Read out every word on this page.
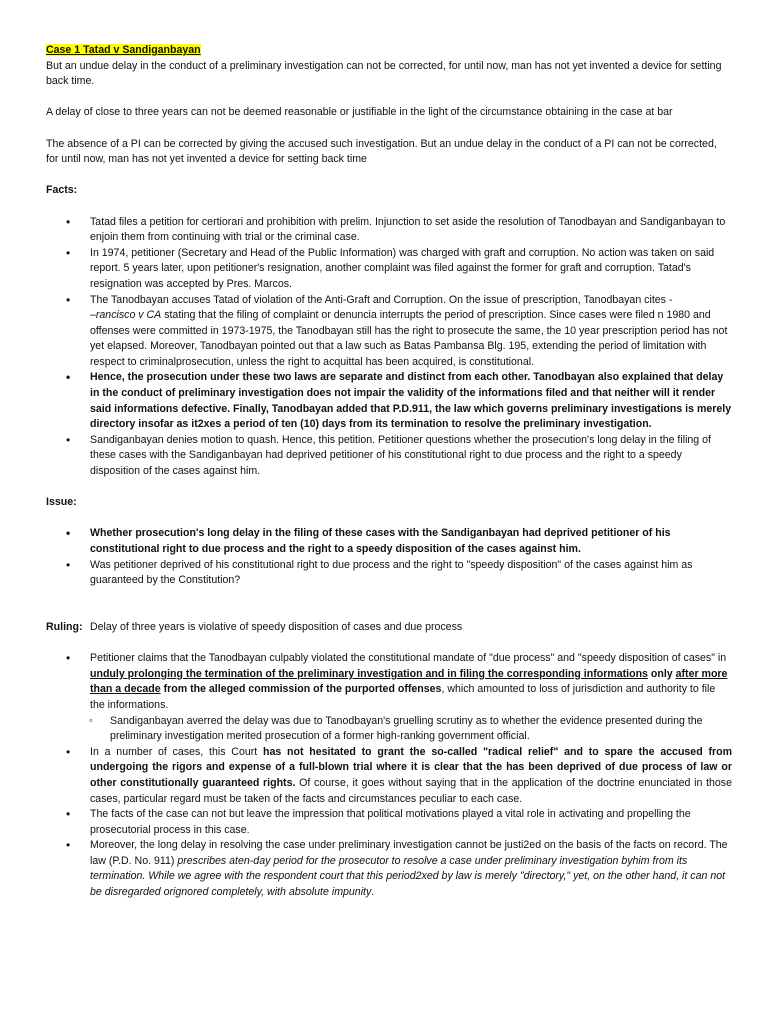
Case 1 Tatad v Sandiganbayan

But an undue delay in the conduct of a preliminary investigation can not be corrected, for until now, man has not yet invented a device for setting back time.

A delay of close to three years can not be deemed reasonable or justifiable in the light of the circumstance obtaining in the case at bar

The absence of a PI can be corrected by giving the accused such investigation. But an undue delay in the conduct of a PI can not be corrected, for until now, man has not yet invented a device for setting back time

Facts:

• Tatad files a petition for certiorari and prohibition with prelim. Injunction to set aside the resolution of Tanodbayan and Sandiganbayan to enjoin them from continuing with trial or the criminal case.
• In 1974, petitioner (Secretary and Head of the Public Information) was charged with graft and corruption. No action was taken on said report. 5 years later, upon petitioner's resignation, another complaint was filed against the former for graft and corruption. Tatad's resignation was accepted by Pres. Marcos.
• The Tanodbayan accuses Tatad of violation of the Anti-Graft and Corruption. On the issue of prescription, Tanodbayan cites -
–rancisco v CA stating that the filing of complaint or denuncia interrupts the period of prescription. Since cases were filed n 1980 and offenses were committed in 1973-1975, the Tanodbayan still has the right to prosecute the same, the 10 year prescription period has not yet elapsed. Moreover, Tanodbayan pointed out that a law such as Batas Pambansa Blg. 195, extending the period of limitation with respect to criminalprosecution, unless the right to acquittal has been acquired, is constitutional.
• Hence, the prosecution under these two laws are separate and distinct from each other. Tanodbayan also explained that delay in the conduct of preliminary investigation does not impair the validity of the informations filed and that neither will it render said informations defective. Finally, Tanodbayan added that P.D.911, the law which governs preliminary investigations is merely directory insofar as it2xes a period of ten (10) days from its termination to resolve the preliminary investigation.
• Sandiganbayan denies motion to quash. Hence, this petition. Petitioner questions whether the prosecution's long delay in the filing of these cases with the Sandiganbayan had deprived petitioner of his constitutional right to due process and the right to a speedy disposition of the cases against him.

Issue:

• Whether prosecution's long delay in the filing of these cases with the Sandiganbayan had deprived petitioner of his constitutional right to due process and the right to a speedy disposition of the cases against him.
• Was petitioner deprived of his constitutional right to due process and the right to "speedy disposition" of the cases against him as guaranteed by the Constitution?
Ruling: Delay of three years is violative of speedy disposition of cases and due process
• Petitioner claims that the Tanodbayan culpably violated the constitutional mandate of "due process" and "speedy disposition of cases" in unduly prolonging the termination of the preliminary investigation and in filing the corresponding informations only after more than a decade from the alleged commission of the purported offenses, which amounted to loss of jurisdiction and authority to file the informations.
◦ Sandiganbayan averred the delay was due to Tanodbayan's gruelling scrutiny as to whether the evidence presented during the preliminary investigation merited prosecution of a former high-ranking government official.
• In a number of cases, this Court has not hesitated to grant the so-called "radical relief" and to spare the accused from undergoing the rigors and expense of a full-blown trial where it is clear that the has been deprived of due process of law or other constitutionally guaranteed rights. Of course, it goes without saying that in the application of the doctrine enunciated in those cases, particular regard must be taken of the facts and circumstances peculiar to each case.
• The facts of the case can not but leave the impression that political motivations played a vital role in activating and propelling the prosecutorial process in this case.
• Moreover, the long delay in resolving the case under preliminary investigation cannot be justi2ed on the basis of the facts on record. The law (P.D. No. 911) prescribes aten-day period for the prosecutor to resolve a case under preliminary investigation byhim from its termination. While we agree with the respondent court that this period2xed by law is merely "directory," yet, on the other hand, it can not be disregarded orignored completely, with absolute impunity.
